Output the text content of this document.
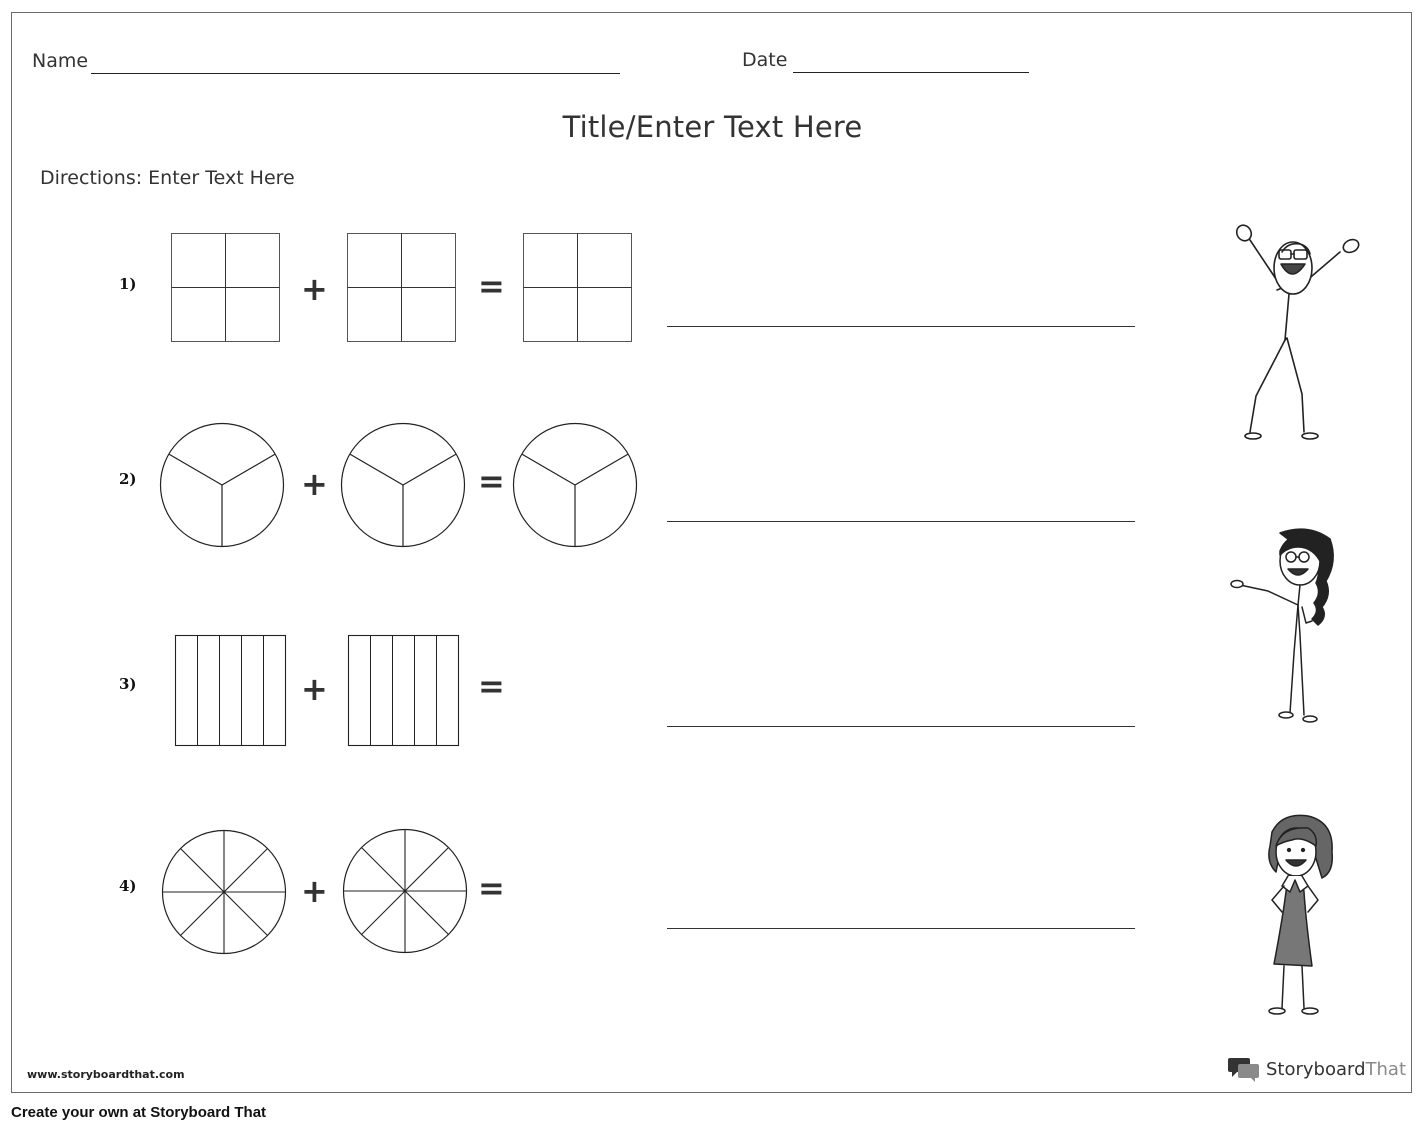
Name	Date
Title/Enter Text Here
Directions: Enter Text Here
1)	+	=
2)	+	=
3)	+	=
4)	+	=
www.storyboardthat.com	StoryboardThat
Create your own at Storyboard That
